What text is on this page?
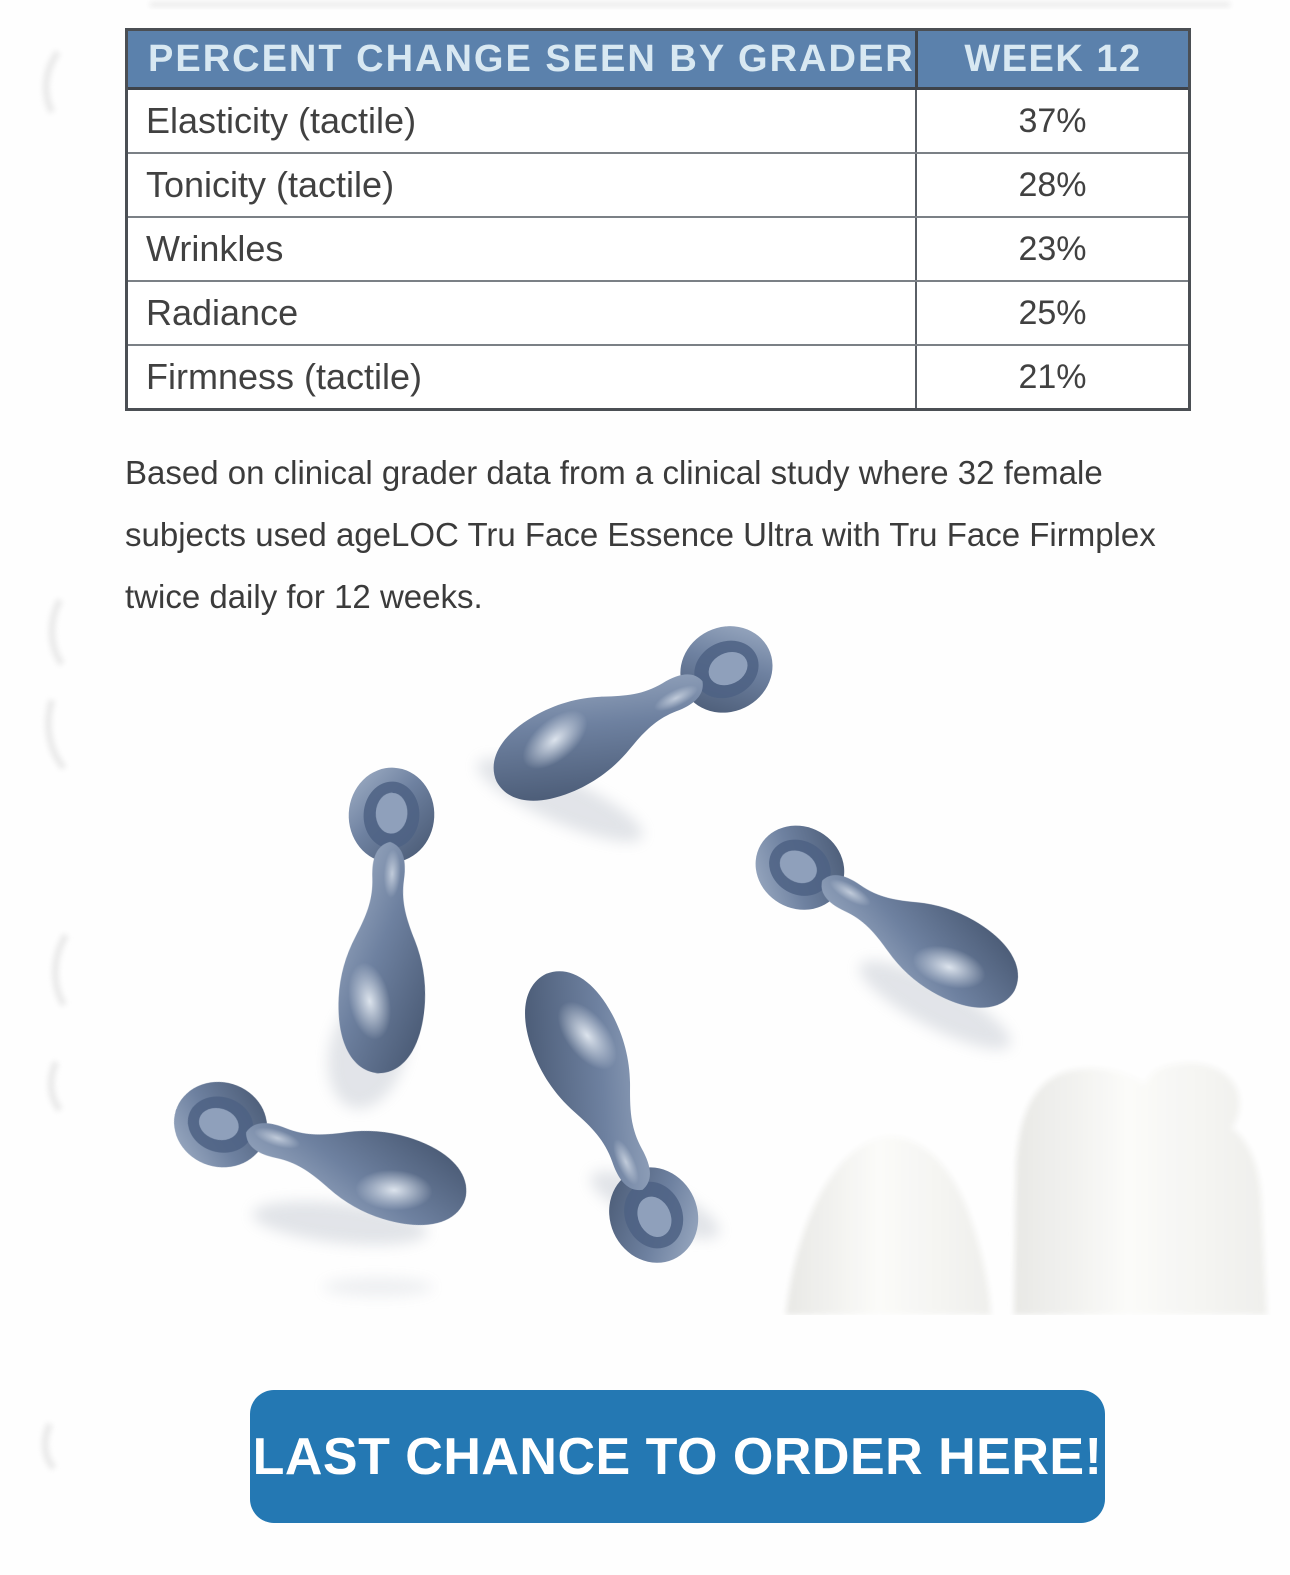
PERCENT CHANGE SEEN BY GRADER	WEEK 12
Elasticity (tactile)	37%
Tonicity (tactile)	28%
Wrinkles	23%
Radiance	25%
Firmness (tactile)	21%
Based on clinical grader data from a clinical study where 32 female
subjects used ageLOC Tru Face Essence Ultra with Tru Face Firmplex
twice daily for 12 weeks.
LAST CHANCE TO ORDER HERE!
